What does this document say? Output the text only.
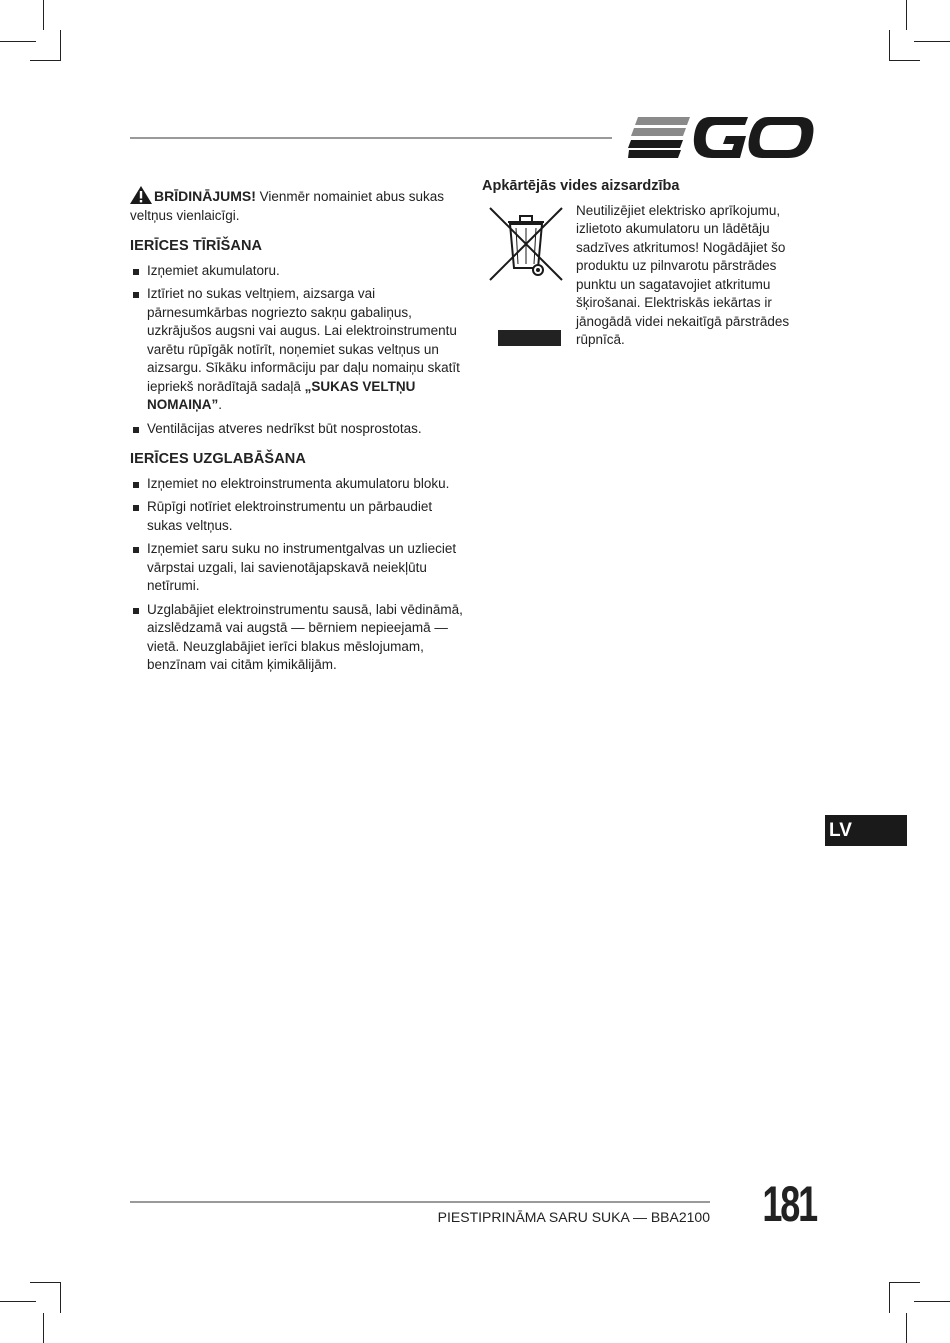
BRĪDINĀJUMS! Vienmēr nomainiet abus sukas veltņus vienlaicīgi.

IERĪCES TĪRĪŠANA
Izņemiet akumulatoru.
Iztīriet no sukas veltņiem, aizsarga vai pārnesumkārbas nogriezto sakņu gabaliņus, uzkrājušos augsni vai augus. Lai elektroinstrumentu varētu rūpīgāk notīrīt, noņemiet sukas veltņus un aizsargu. Sīkāku informāciju par daļu nomaiņu skatīt iepriekš norādītajā sadaļā „SUKAS VELTŅU NOMAIŅA”.
Ventilācijas atveres nedrīkst būt nosprostotas.
IERĪCES UZGLABĀŠANA
Izņemiet no elektroinstrumenta akumulatoru bloku.
Rūpīgi notīriet elektroinstrumentu un pārbaudiet sukas veltņus.
Izņemiet saru suku no instrumentgalvas un uzlieciet vārpstai uzgali, lai savienotājapskavā neiekļūtu netīrumi.
Uzglabājiet elektroinstrumentu sausā, labi vēdināmā, aizslēdzamā vai augstā — bērniem nepieejamā — vietā. Neuzglabājiet ierīci blakus mēslojumam, benzīnam vai citām ķimikālijām.
Apkārtējās vides aizsardzība
Neutilizējiet elektrisko aprīkojumu, izlietoto akumulatoru un lādētāju sadzīves atkritumos! Nogādājiet šo produktu uz pilnvarotu pārstrādes punktu un sagatavojiet atkritumu šķirošanai. Elektriskās iekārtas ir jānogādā videi nekaitīgā pārstrādes rūpnīcā.
LV
PIESTIPRINĀMA SARU SUKA — BBA2100 181
